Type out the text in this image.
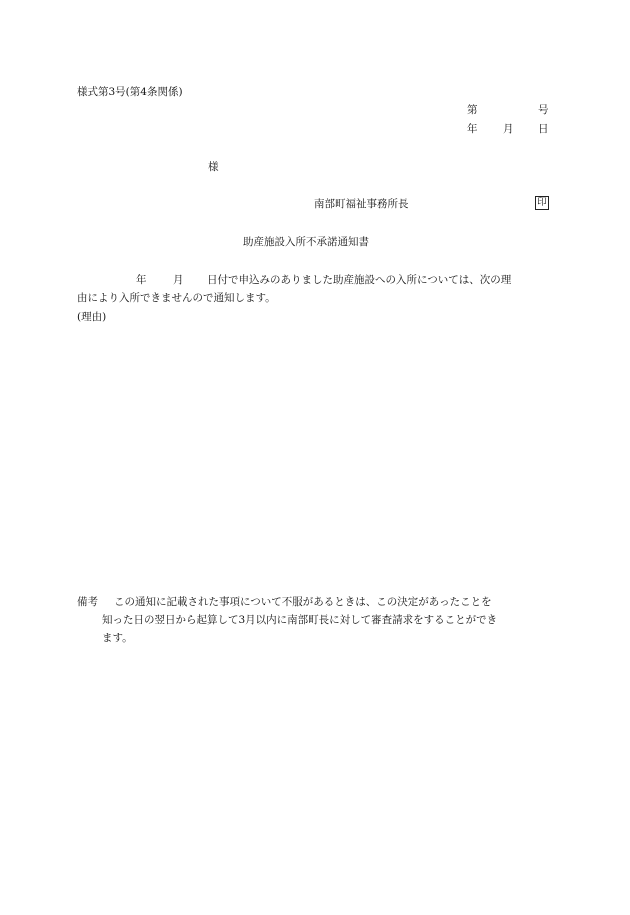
様式第3号(第4条関係)
第	号
年 月 日
様
南部町福祉事務所長	印
助産施設入所不承諾通知書
年	月 日付で申込みのありました助産施設への入所については、次の理
由により入所できませんので通知します。
(理由)
備考 この通知に記載された事項について不服があるときは、この決定があったことを
知った日の翌日から起算して3月以内に南部町長に対して審査請求をすることができ
ます。
